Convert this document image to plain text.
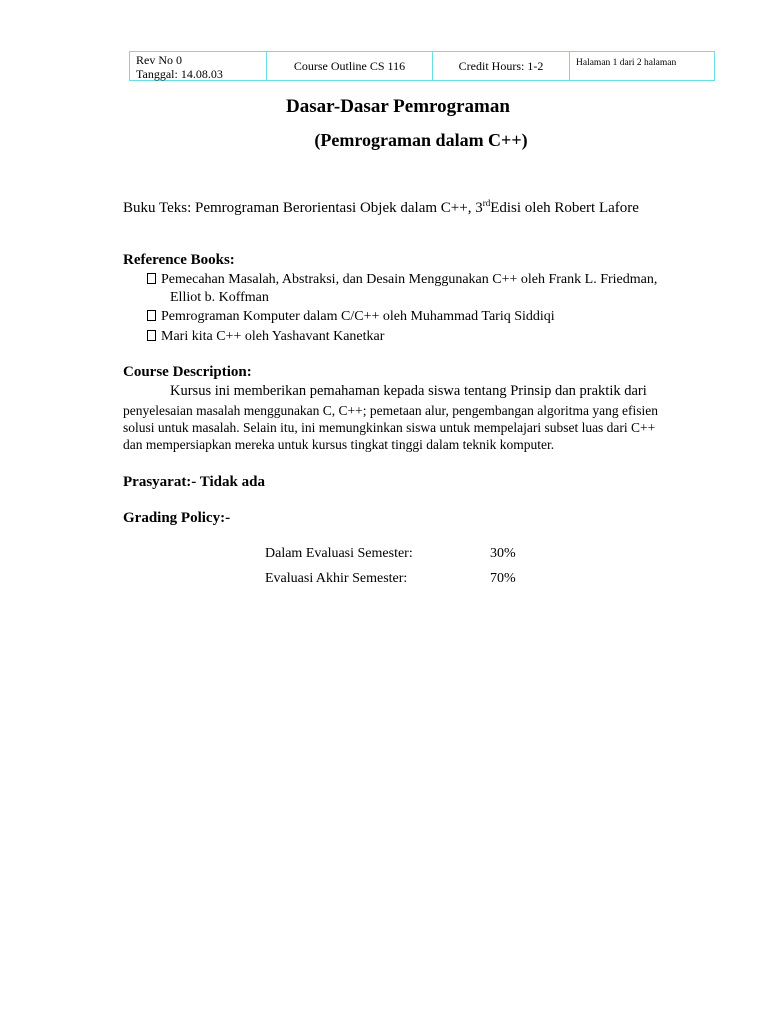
Rev No 0
Tanggal: 14.08.03
Course Outline CS 116	Credit Hours: 1-2	Halaman 1 dari 2 halaman
Dasar-Dasar Pemrograman
(Pemrograman dalam C++)
Buku Teks: Pemrograman Berorientasi Objek dalam C++, 3rdEdisi oleh Robert Lafore
Reference Books:
Pemecahan Masalah, Abstraksi, dan Desain Menggunakan C++ oleh Frank L. Friedman,
Elliot b. Koffman
Pemrograman Komputer dalam C/C++ oleh Muhammad Tariq Siddiqi
Mari kita C++ oleh Yashavant Kanetkar
Course Description:
Kursus ini memberikan pemahaman kepada siswa tentang Prinsip dan praktik dari
penyelesaian masalah menggunakan C, C++; pemetaan alur, pengembangan algoritma yang efisien
solusi untuk masalah. Selain itu, ini memungkinkan siswa untuk mempelajari subset luas dari C++
dan mempersiapkan mereka untuk kursus tingkat tinggi dalam teknik komputer.
Prasyarat:- Tidak ada
Grading Policy:-
Dalam Evaluasi Semester:	30%
Evaluasi Akhir Semester:	70%
